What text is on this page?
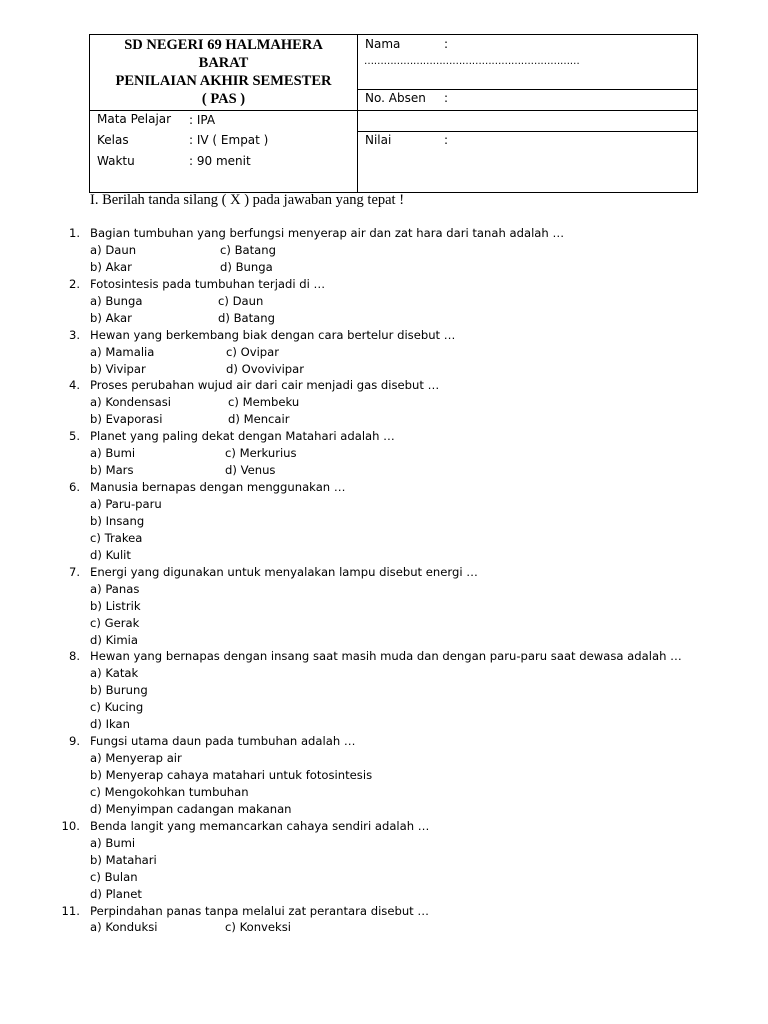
SD NEGERI 69 HALMAHERA
BARAT
PENILAIAN AKHIR SEMESTER
( PAS )
Nama	:
…………………………………………………………
No. Absen :
Nilai	:
Mata Pelajar : IPA
Kelas	: IV ( Empat )
Waktu	: 90 menit
I. Berilah tanda silang ( X ) pada jawaban yang tepat !
1. Bagian tumbuhan yang berfungsi menyerap air dan zat hara dari tanah adalah …
a) Daun	c) Batang
b) Akar	d) Bunga
2. Fotosintesis pada tumbuhan terjadi di …
a) Bunga	c) Daun
b) Akar	d) Batang
3. Hewan yang berkembang biak dengan cara bertelur disebut …
a) Mamalia	c) Ovipar
b) Vivipar	d) Ovovivipar
4. Proses perubahan wujud air dari cair menjadi gas disebut …
a) Kondensasi	c) Membeku
b) Evaporasi	d) Mencair
5. Planet yang paling dekat dengan Matahari adalah …
a) Bumi	c) Merkurius
b) Mars	d) Venus
6. Manusia bernapas dengan menggunakan …
a) Paru-paru
b) Insang
c) Trakea
d) Kulit
7. Energi yang digunakan untuk menyalakan lampu disebut energi …
a) Panas
b) Listrik
c) Gerak
d) Kimia
8. Hewan yang bernapas dengan insang saat masih muda dan dengan paru-paru saat dewasa adalah …
a) Katak
b) Burung
c) Kucing
d) Ikan
9. Fungsi utama daun pada tumbuhan adalah …
a) Menyerap air
b) Menyerap cahaya matahari untuk fotosintesis
c) Mengokohkan tumbuhan
d) Menyimpan cadangan makanan
10. Benda langit yang memancarkan cahaya sendiri adalah …
a) Bumi
b) Matahari
c) Bulan
d) Planet
11. Perpindahan panas tanpa melalui zat perantara disebut …
a) Konduksi	c) Konveksi
